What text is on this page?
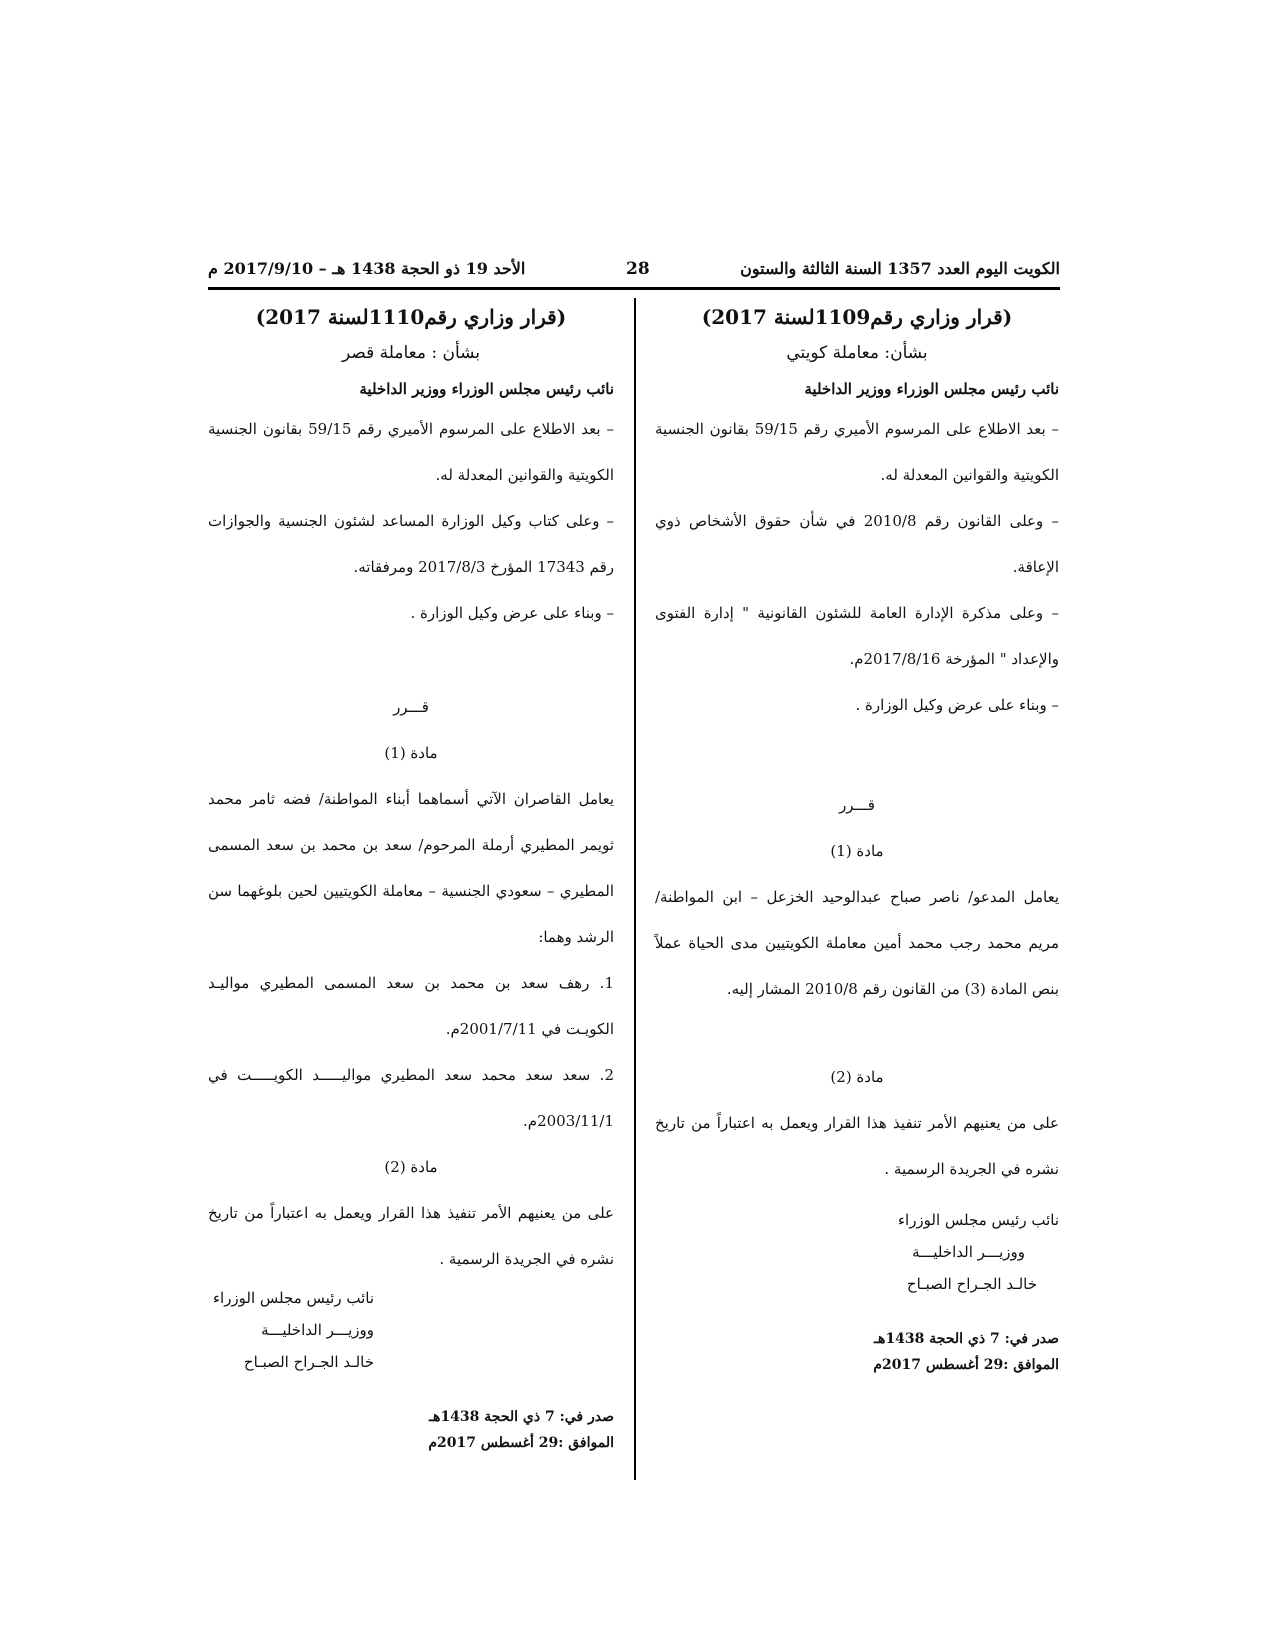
الأحد 19 ذو الحجة 1438 هـ – 2017/9/10 م	28	الكويت اليوم العدد 1357 السنة الثالثة والستون
(قرار وزاري رقم1109لسنة 2017)
بشأن: معاملة كويتي
نائب رئيس مجلس الوزراء ووزير الداخلية
– بعد الاطلاع على المرسوم الأميري رقم 59/15 بقانون الجنسية الكويتية والقوانين المعدلة له.
– وعلى القانون رقم 2010/8 في شأن حقوق الأشخاص ذوي الإعاقة.
– وعلى مذكرة الإدارة العامة للشئون القانونية " إدارة الفتوى والإعداد " المؤرخة 2017/8/16م.
– وبناء على عرض وكيل الوزارة .
قـــرر
مادة (1)
يعامل المدعو/ ناصر صباح عبدالوحيد الخزعل – ابن المواطنة/ مريم محمد رجب محمد أمين معاملة الكويتيين مدى الحياة عملاً بنص المادة (3) من القانون رقم 2010/8 المشار إليه.
مادة (2)
على من يعنيهم الأمر تنفيذ هذا القرار ويعمل به اعتباراً من تاريخ نشره في الجريدة الرسمية .
نائب رئيس مجلس الوزراء
ووزيـــر الداخليـــة
خالـد الجـراح الصبـاح
صدر في: 7 ذي الحجة 1438هـ
الموافق :29 أغسطس 2017م
(قرار وزاري رقم1110لسنة 2017)
بشأن : معاملة قصر
نائب رئيس مجلس الوزراء ووزير الداخلية
– بعد الاطلاع على المرسوم الأميري رقم 59/15 بقانون الجنسية الكويتية والقوانين المعدلة له.
– وعلى كتاب وكيل الوزارة المساعد لشئون الجنسية والجوازات رقم 17343 المؤرخ 2017/8/3 ومرفقاته.
– وبناء على عرض وكيل الوزارة .
قـــرر
مادة (1)
يعامل القاصران الآتي أسماهما أبناء المواطنة/ فضه ثامر محمد ثويمر المطيري أرملة المرحوم/ سعد بن محمد بن سعد المسمى المطيري – سعودي الجنسية – معاملة الكويتيين لحين بلوغهما سن الرشد وهما:
1. رهف سعد بن محمد بن سعد المسمى المطيري مواليـد الكويـت في 2001/7/11م.
2. سعد سعد محمد سعد المطيري مواليـــــد الكويـــــت في 2003/11/1م.
مادة (2)
على من يعنيهم الأمر تنفيذ هذا القرار ويعمل به اعتباراً من تاريخ نشره في الجريدة الرسمية .
نائب رئيس مجلس الوزراء
ووزيـــر الداخليـــة
خالـد الجـراح الصبـاح
صدر في: 7 ذي الحجة 1438هـ
الموافق :29 أغسطس 2017م
